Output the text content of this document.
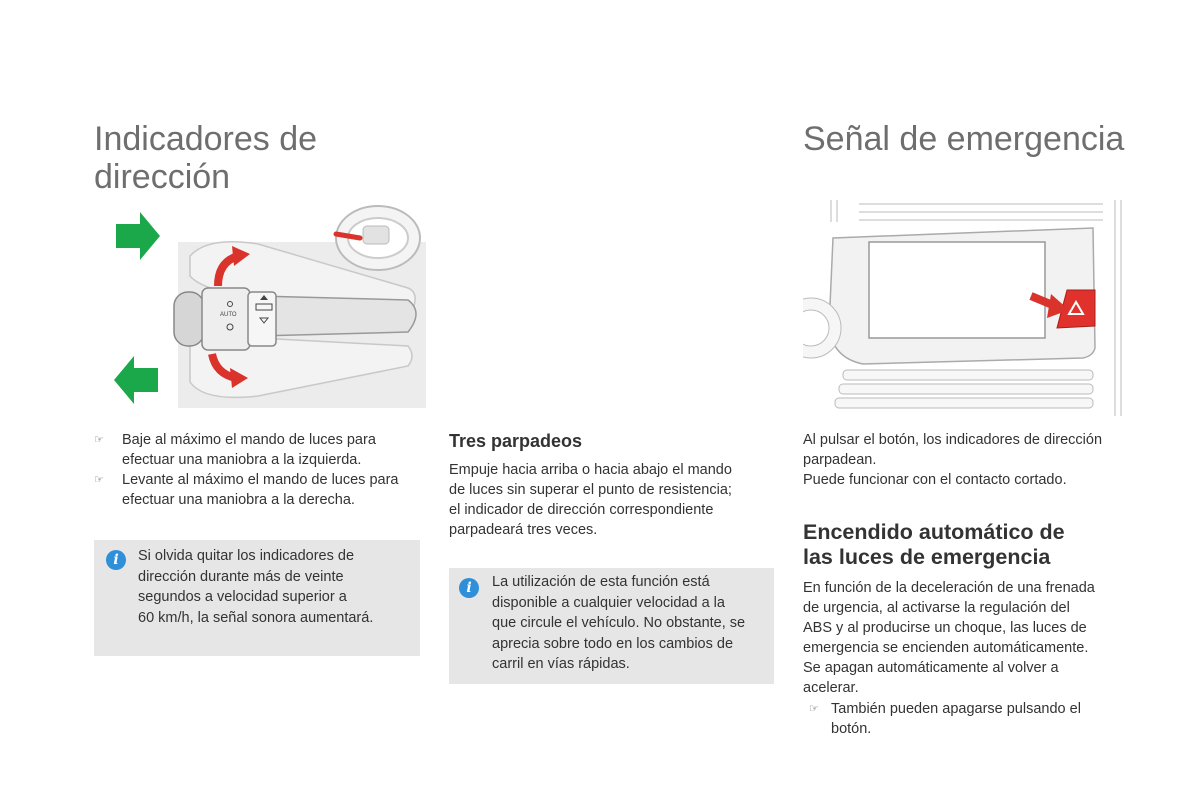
Indicadores de
dirección
AUTO
☞ Baje al máximo el mando de luces para
efectuar una maniobra a la izquierda.
☞ Levante al máximo el mando de luces para
efectuar una maniobra a la derecha.
i	Si olvida quitar los indicadores de
dirección durante más de veinte
segundos a velocidad superior a
60 km/h, la señal sonora aumentará.
Tres parpadeos

Empuje hacia arriba o hacia abajo el mando
de luces sin superar el punto de resistencia;
el indicador de dirección correspondiente
parpadeará tres veces.

i	La utilización de esta función está
disponible a cualquier velocidad a la
que circule el vehículo. No obstante, se
aprecia sobre todo en los cambios de
carril en vías rápidas.
Señal de emergencia

Al pulsar el botón, los indicadores de dirección
parpadean.
Puede funcionar con el contacto cortado.

Encendido automático de
las luces de emergencia

En función de la deceleración de una frenada
de urgencia, al activarse la regulación del
ABS y al producirse un choque, las luces de
emergencia se encienden automáticamente.
Se apagan automáticamente al volver a
acelerar.

☞ También pueden apagarse pulsando el
botón.
